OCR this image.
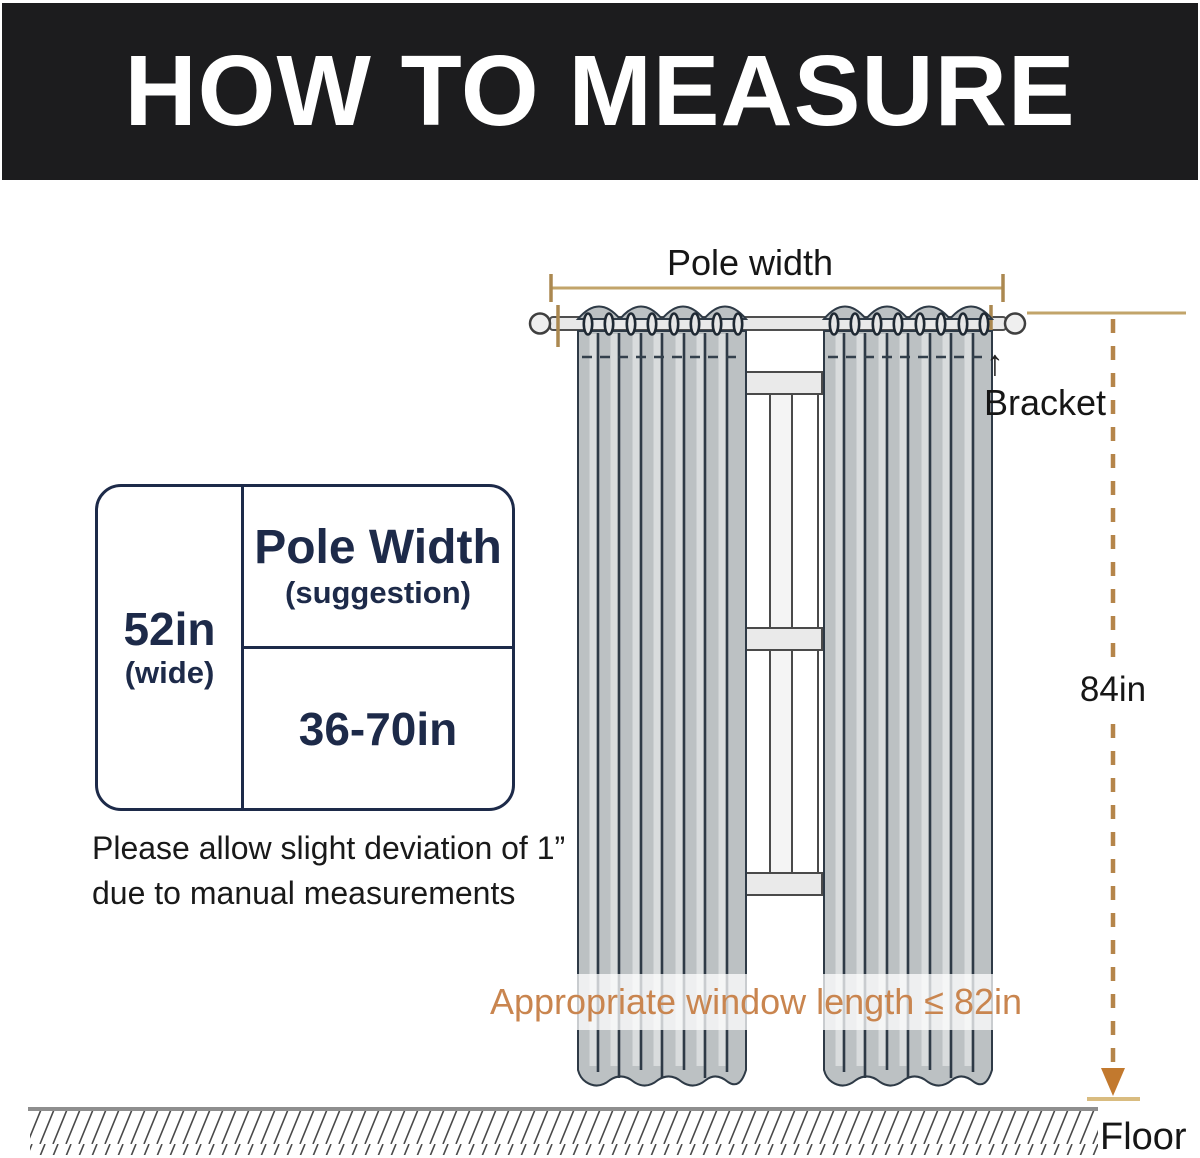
HOW TO MEASURE
Pole width
↑
Bracket
84in
Appropriate window length ≤ 82in
Floor
52in
(wide)
Pole Width
(suggestion)
36-70in
Please allow slight deviation of 1”
due to manual measurements
